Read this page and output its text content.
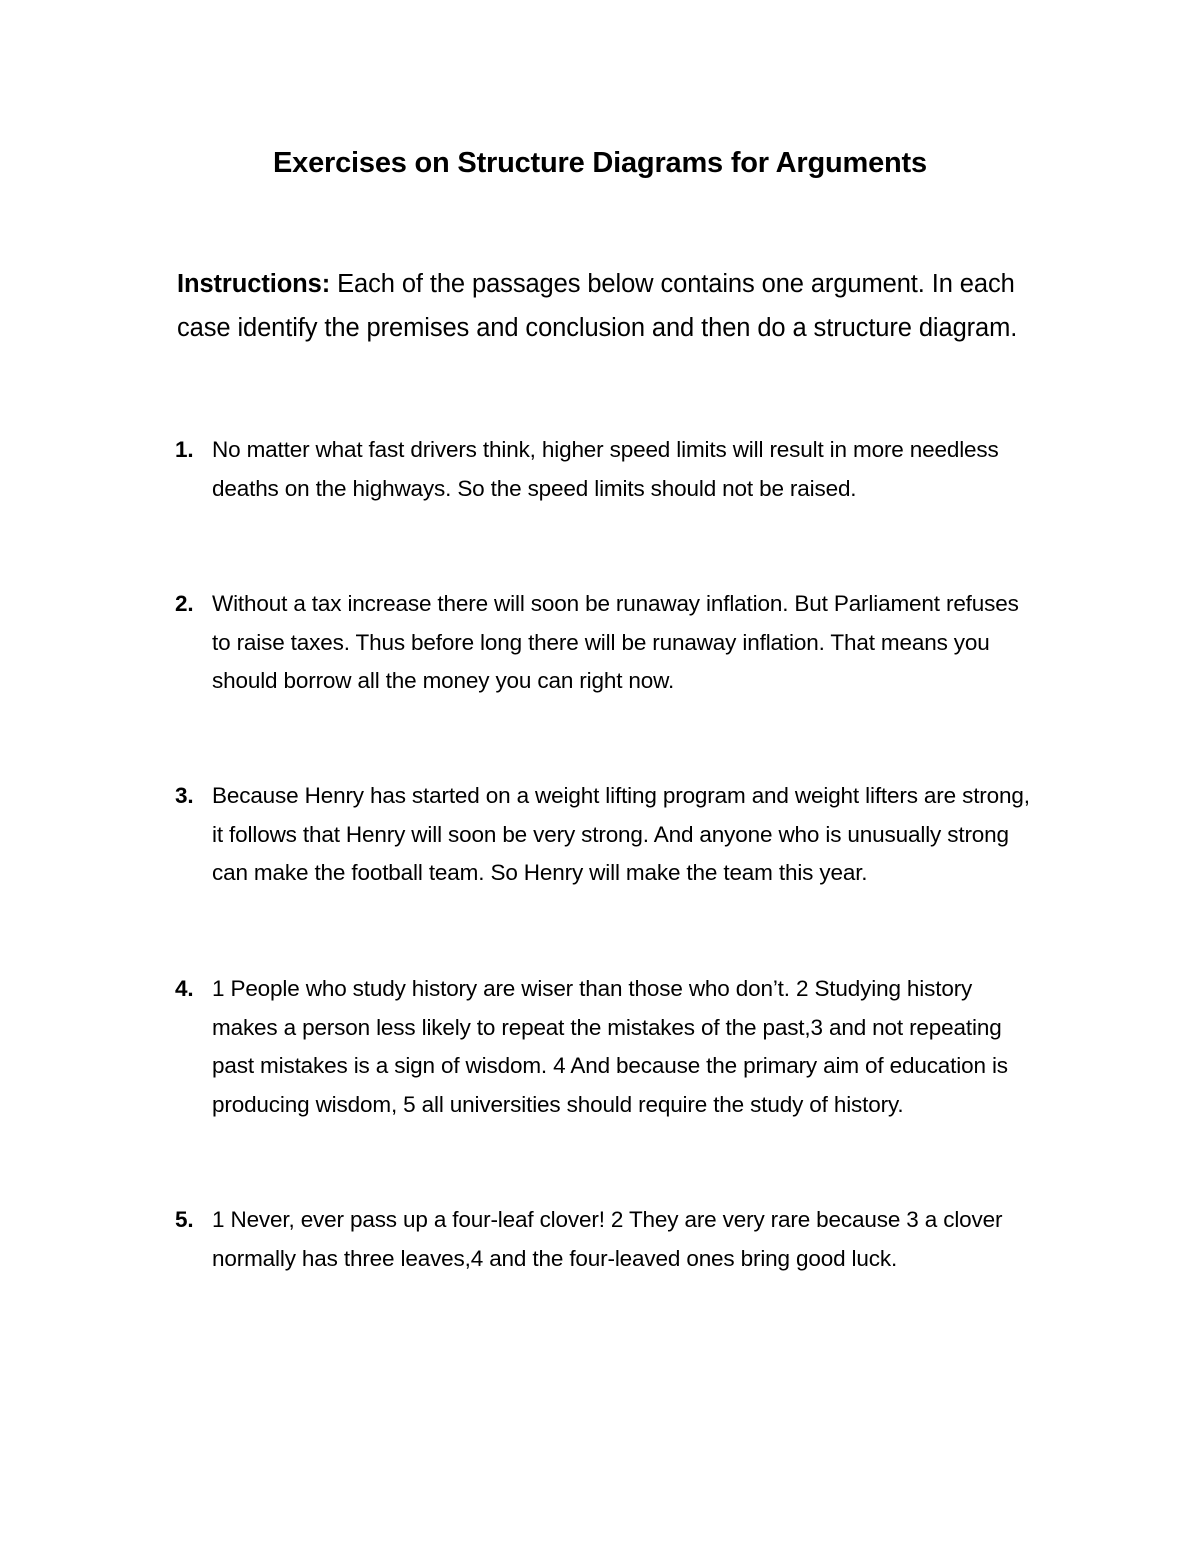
Exercises on Structure Diagrams for Arguments
Instructions: Each of the passages below contains one argument. In each case identify the premises and conclusion and then do a structure diagram.
1. No matter what fast drivers think, higher speed limits will result in more needless deaths on the highways. So the speed limits should not be raised.
2. Without a tax increase there will soon be runaway inflation. But Parliament refuses to raise taxes. Thus before long there will be runaway inflation. That means you should borrow all the money you can right now.
3. Because Henry has started on a weight lifting program and weight lifters are strong, it follows that Henry will soon be very strong. And anyone who is unusually strong can make the football team. So Henry will make the team this year.
4. 1 People who study history are wiser than those who don’t. 2 Studying history makes a person less likely to repeat the mistakes of the past,3 and not repeating past mistakes is a sign of wisdom. 4 And because the primary aim of education is producing wisdom, 5 all universities should require the study of history.
5. 1 Never, ever pass up a four-leaf clover! 2 They are very rare because 3 a clover normally has three leaves,4 and the four-leaved ones bring good luck.
